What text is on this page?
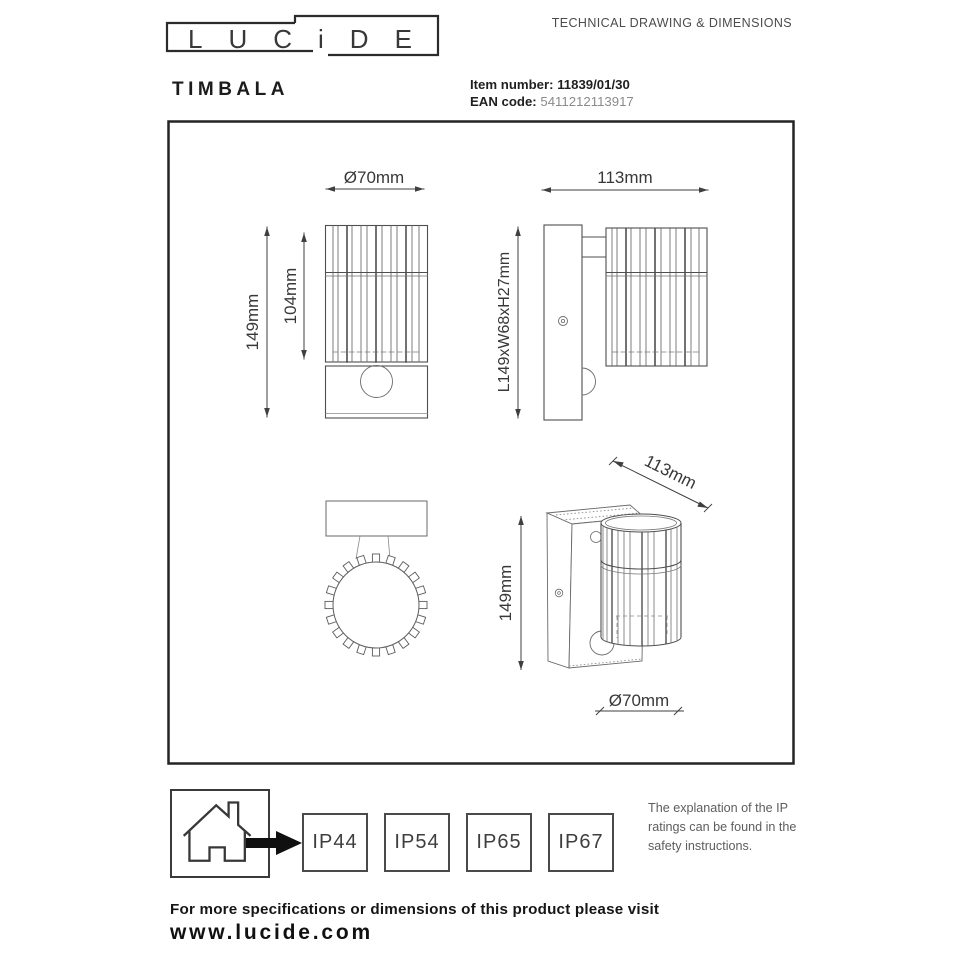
LUCiDE
TECHNICAL DRAWING & DIMENSIONS
TIMBALA	Item number: 11839/01/30
EAN code: 5411212113917
Ø70mm
149mm 104mm
113mm
L149xW68xH27mm
113mm
149mm
Ø70mm
IP44	IP54	IP65	IP67
The explanation of the IP ratings can be found in the safety instructions.
For more specifications or dimensions of this product please visit
www.lucide.com
